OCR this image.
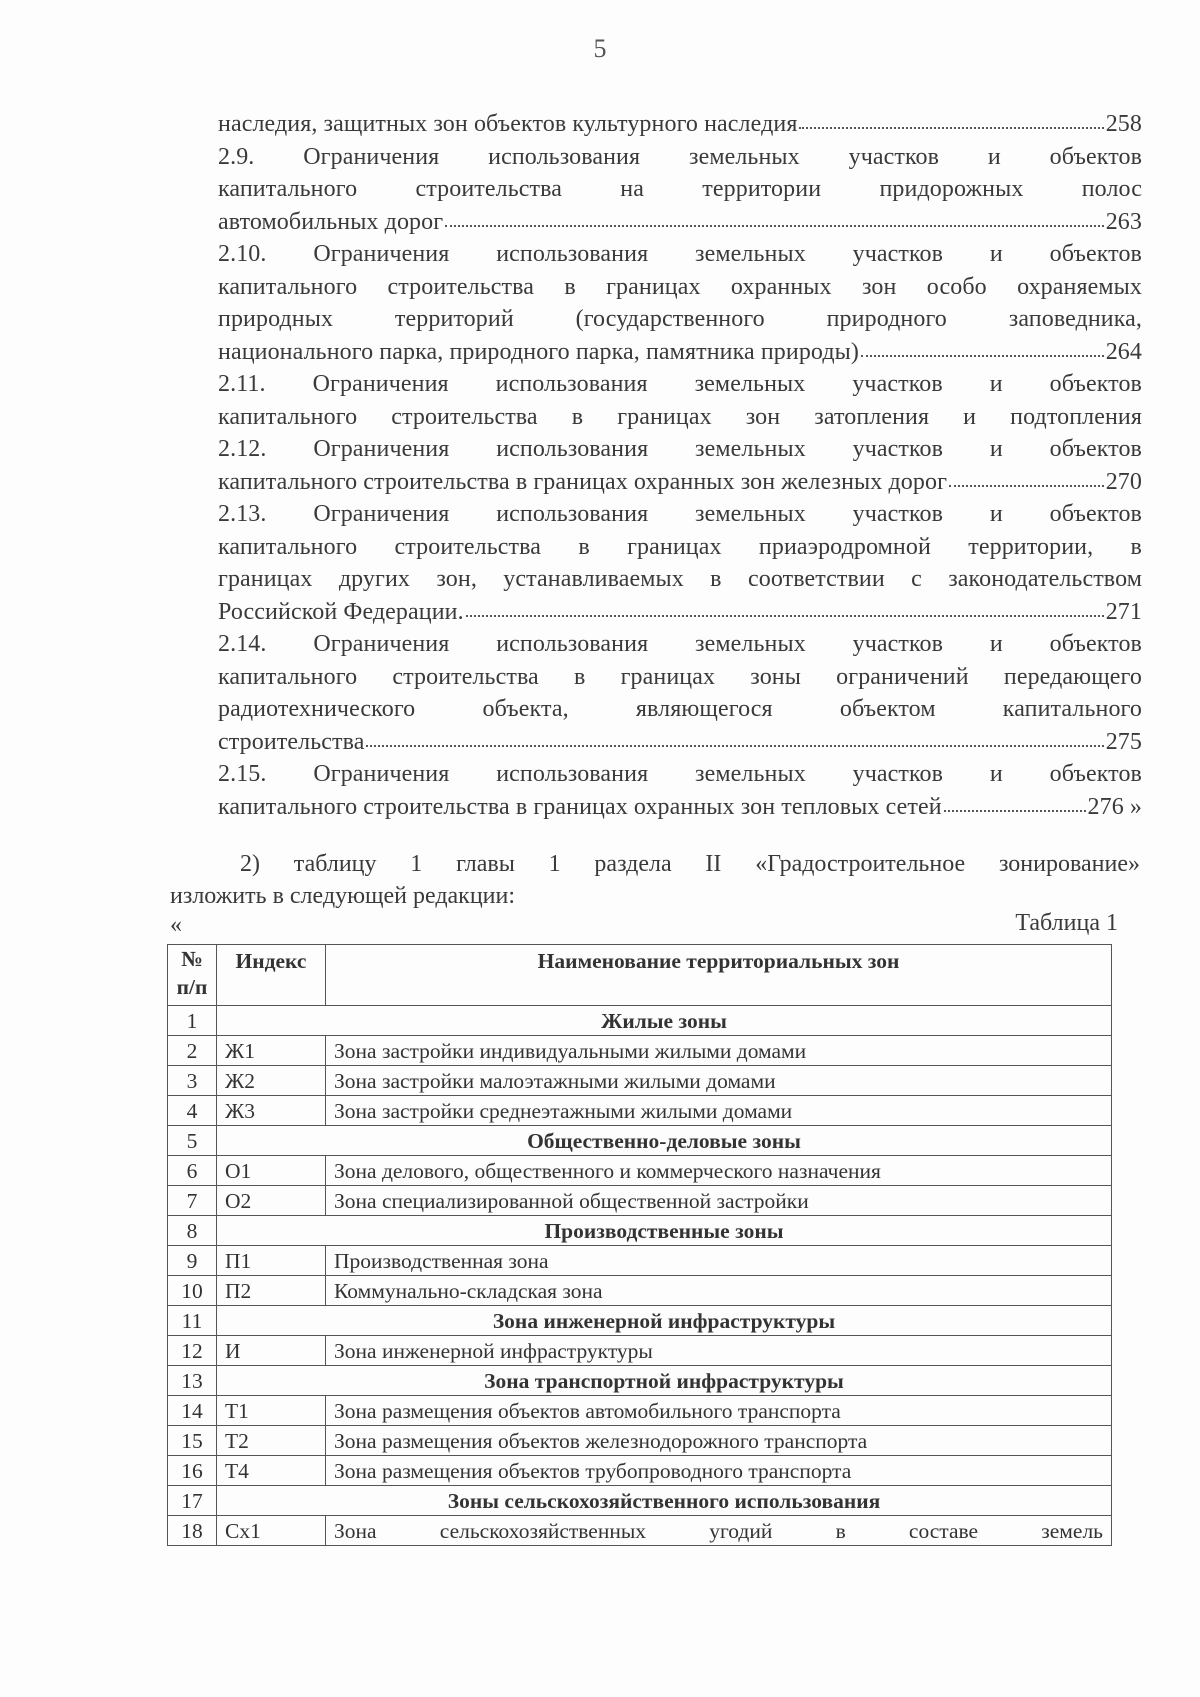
5
наследия, защитных зон объектов культурного наследия	258
2.9. Ограничения использования земельных участков и объектов
капитального строительства на территории придорожных полос
автомобильных дорог	263
2.10. Ограничения использования земельных участков и объектов
капитального строительства в границах охранных зон особо охраняемых
природных территорий (государственного природного заповедника,
национального парка, природного парка, памятника природы)	264
2.11. Ограничения использования земельных участков и объектов
капитального строительства в границах зон затопления и подтопления
2.12. Ограничения использования земельных участков и объектов
капитального строительства в границах охранных зон железных дорог	270
2.13. Ограничения использования земельных участков и объектов
капитального строительства в границах приаэродромной территории, в
границах других зон, устанавливаемых в соответствии с законодательством
Российской Федерации.	271
2.14. Ограничения использования земельных участков и объектов
капитального строительства в границах зоны ограничений передающего
радиотехнического объекта, являющегося объектом капитального
строительства	275
2.15. Ограничения использования земельных участков и объектов
капитального строительства в границах охранных зон тепловых сетей	276 »
2) таблицу 1 главы 1 раздела II «Градостроительное зонирование»
изложить в следующей редакции:
«	Таблица 1
№ п/п	Индекс	Наименование территориальных зон
1	Жилые зоны	
2	Ж1	Зона застройки индивидуальными жилыми домами
3	Ж2	Зона застройки малоэтажными жилыми домами
4	Ж3	Зона застройки среднеэтажными жилыми домами
5	Общественно-деловые зоны	
6	О1	Зона делового, общественного и коммерческого назначения
7	О2	Зона специализированной общественной застройки
8	Производственные зоны	
9	П1	Производственная зона
10	П2	Коммунально-складская зона
11	Зона инженерной инфраструктуры	
12	И	Зона инженерной инфраструктуры
13	Зона транспортной инфраструктуры	
14	Т1	Зона размещения объектов автомобильного транспорта
15	Т2	Зона размещения объектов железнодорожного транспорта
16	Т4	Зона размещения объектов трубопроводного транспорта
17	Зоны сельскохозяйственного использования	
18	Сх1	Зона сельскохозяйственных угодий в составе земель
